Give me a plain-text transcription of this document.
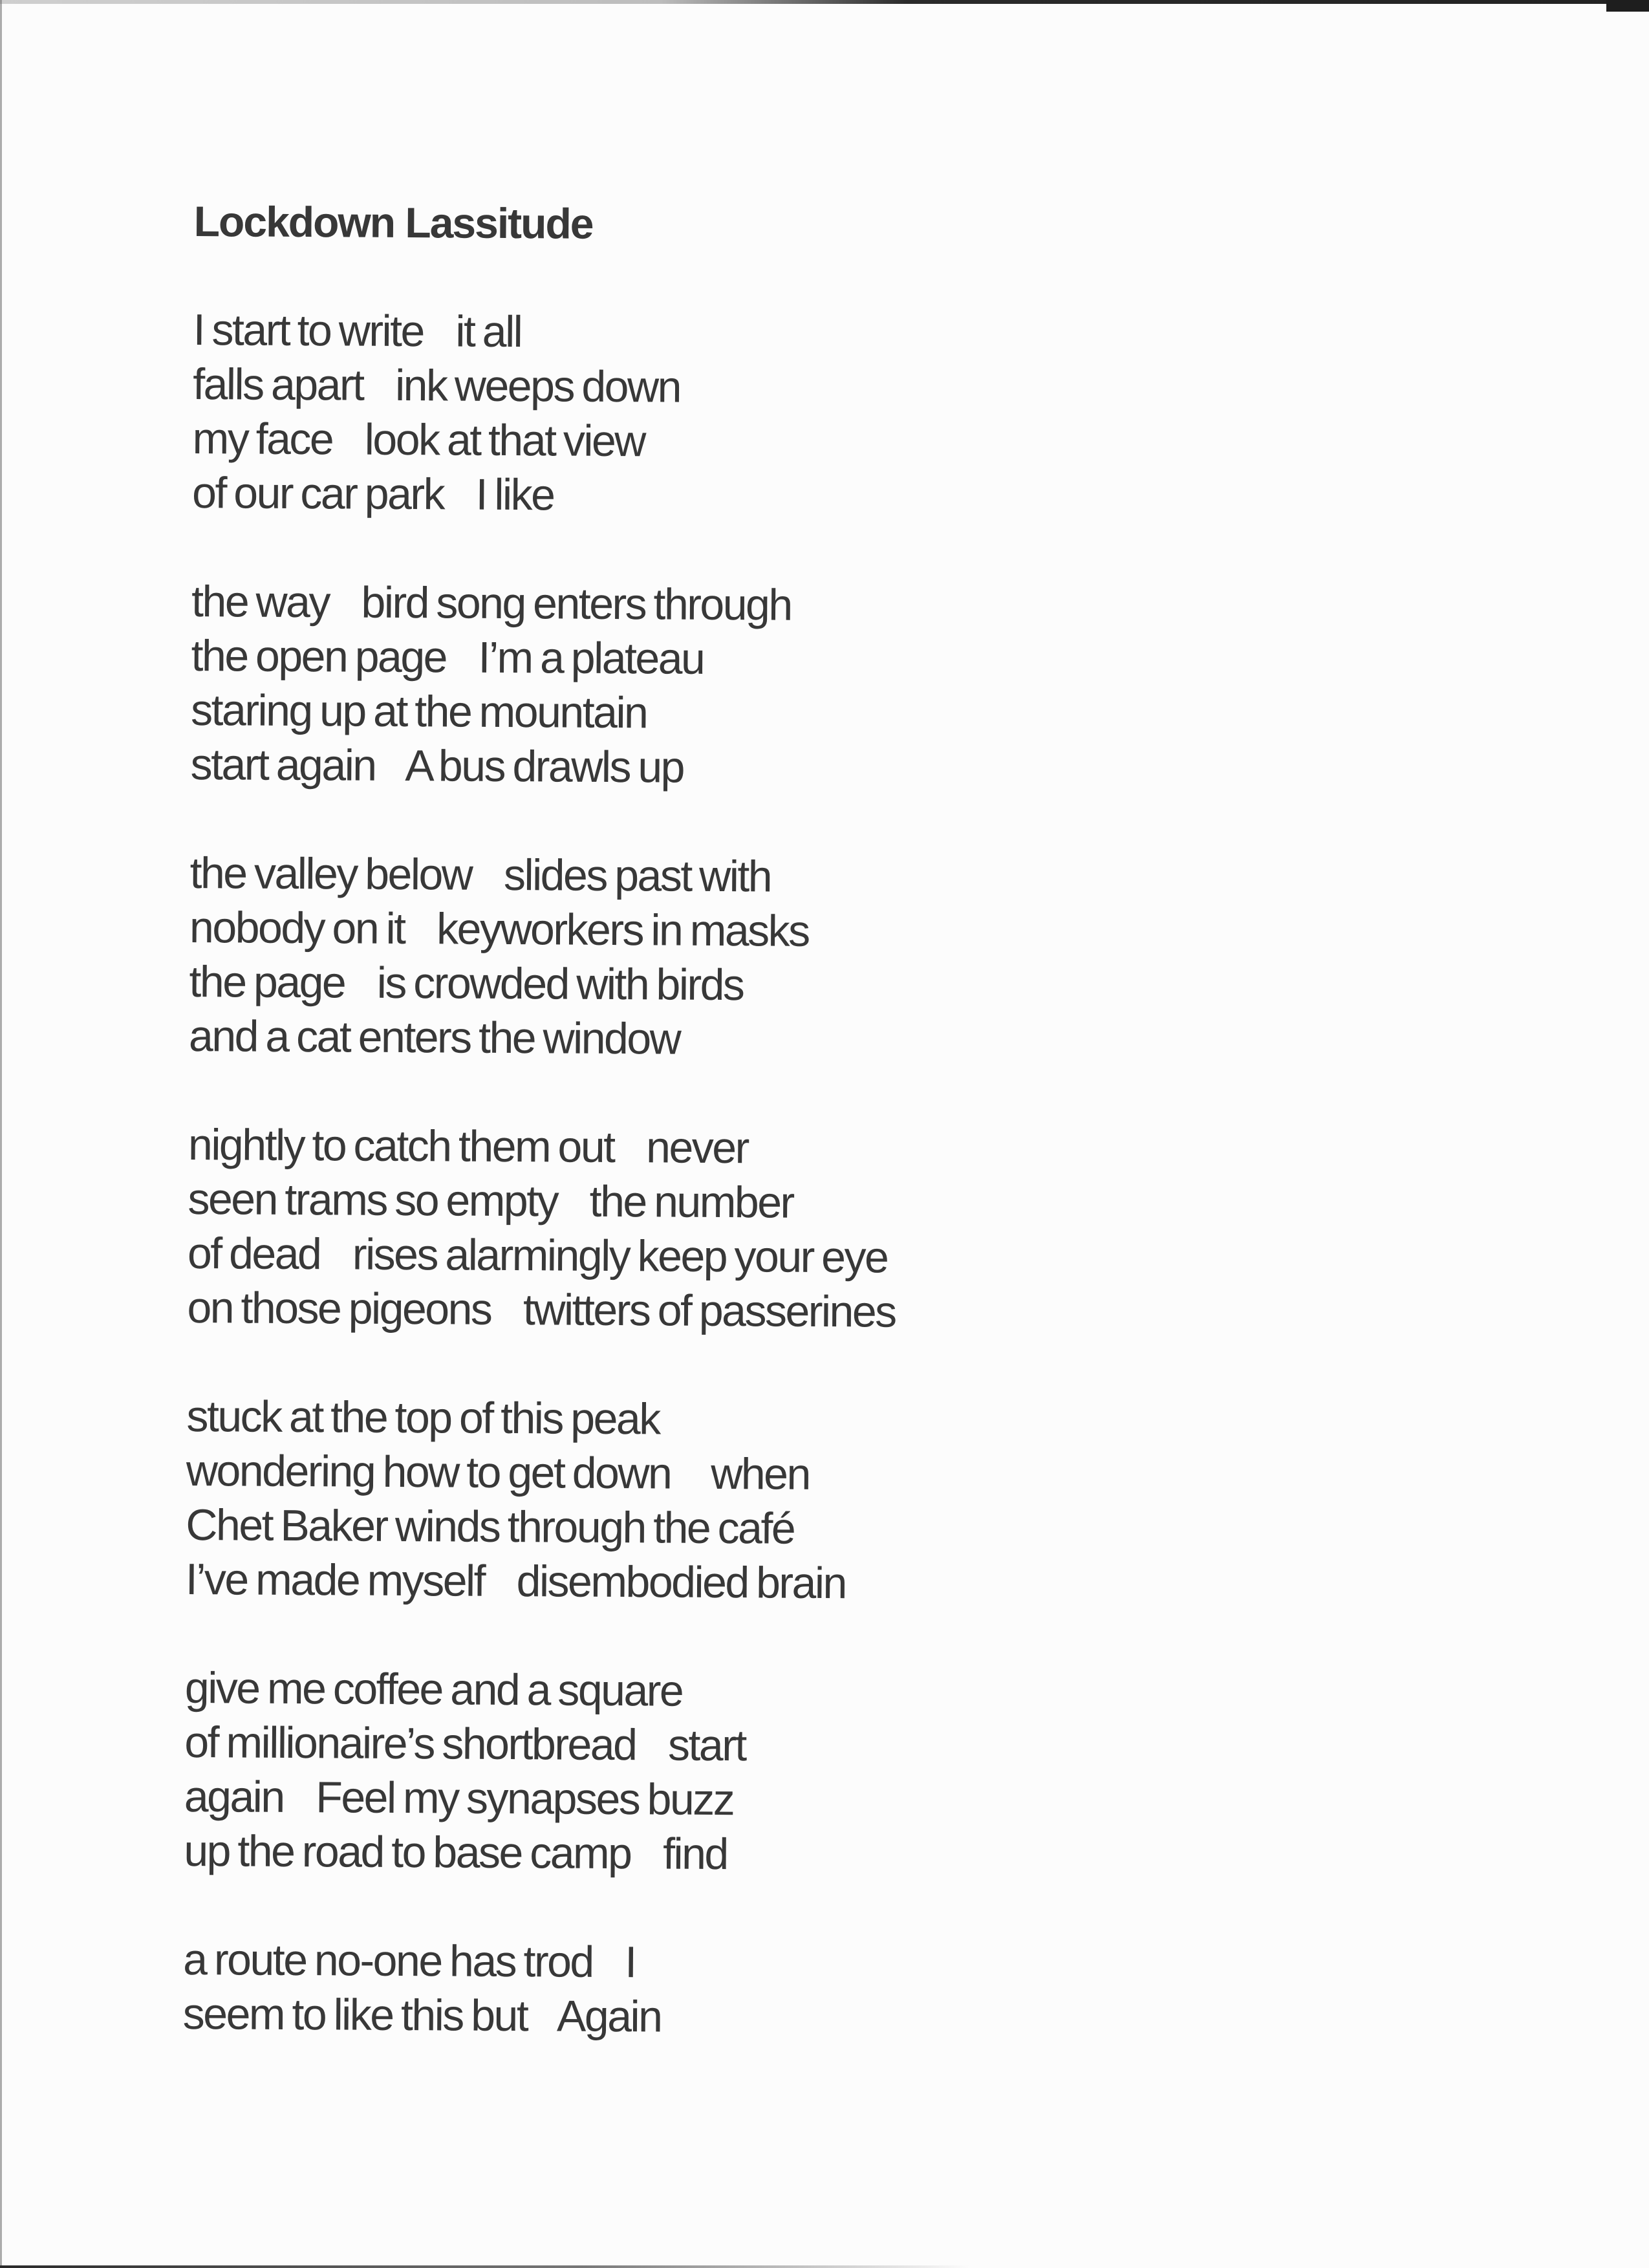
Lockdown Lassitude
I start to write    it all
falls apart    ink weeps down
my face    look at that view
of our car park    I like
the way    bird song enters through
the open page    I’m a plateau
staring up at the mountain
start again    A bus drawls up
the valley below    slides past with
nobody on it    keyworkers in masks
the page    is crowded with birds
and a cat enters the window
nightly to catch them out    never
seen trams so empty    the number
of dead    rises alarmingly keep your eye
on those pigeons    twitters of passerines
stuck at the top of this peak
wondering how to get down     when
Chet Baker winds through the café
I’ve made myself    disembodied brain
give me coffee and a square
of millionaire’s shortbread    start
again    Feel my synapses buzz
up the road to base camp    find
a route no-one has trod    I
seem to like this but    Again
